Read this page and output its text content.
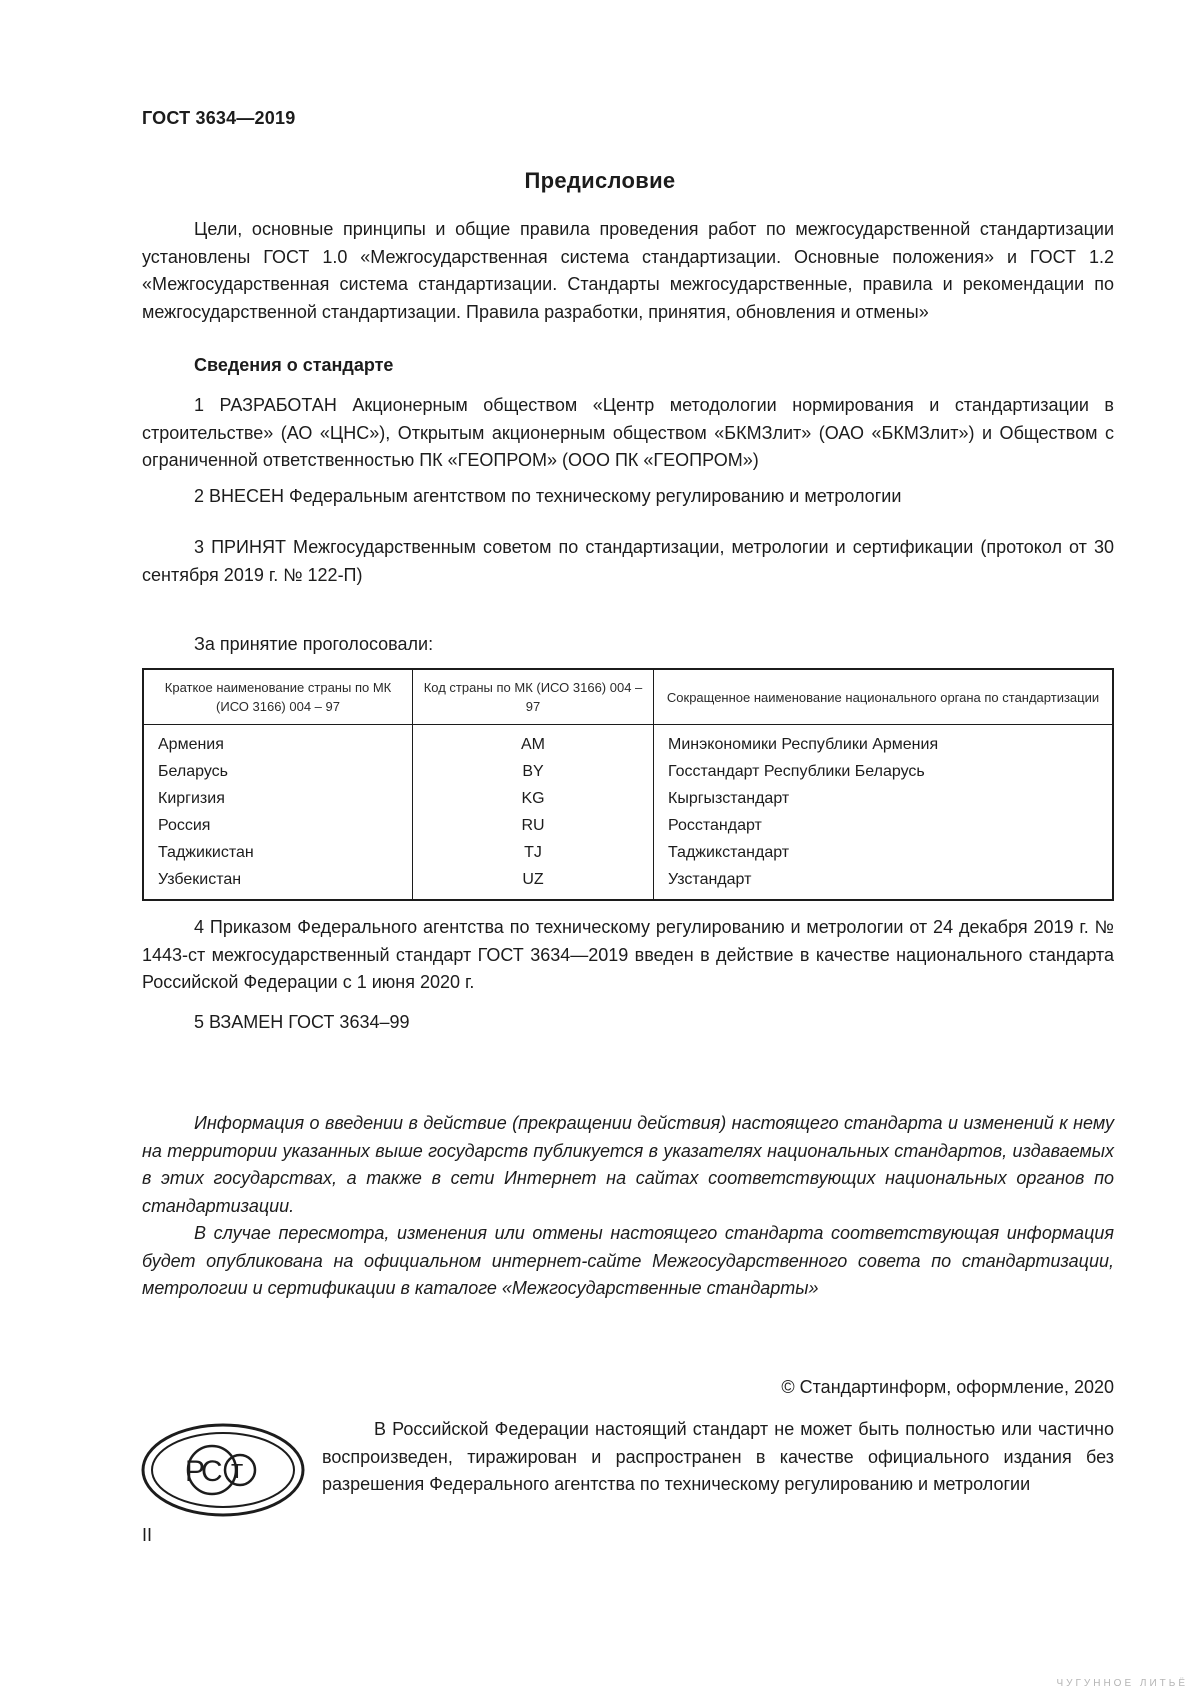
ГОСТ 3634—2019
Предисловие

Цели, основные принципы и общие правила проведения работ по межгосударственной стандартизации установлены ГОСТ 1.0 «Межгосударственная система стандартизации. Основные положения» и ГОСТ 1.2 «Межгосударственная система стандартизации. Стандарты межгосударственные, правила и рекомендации по межгосударственной стандартизации. Правила разработки, принятия, обновления и отмены»

Сведения о стандарте

1 РАЗРАБОТАН Акционерным обществом «Центр методологии нормирования и стандартизации в строительстве» (АО «ЦНС»), Открытым акционерным обществом «БКМЗлит» (ОАО «БКМЗлит») и Обществом с ограниченной ответственностью ПК «ГЕОПРОМ» (ООО ПК «ГЕОПРОМ»)

2 ВНЕСЕН Федеральным агентством по техническому регулированию и метрологии

3 ПРИНЯТ Межгосударственным советом по стандартизации, метрологии и сертификации (протокол от 30 сентября 2019 г. № 122-П)

За принятие проголосовали:
Краткое наименование страны по МК (ИСО 3166) 004 – 97	Код страны по МК (ИСО 3166) 004 – 97	Сокращенное наименование национального органа по стандартизации
Армения	AM	Минэкономики Республики Армения
Беларусь	BY	Госстандарт Республики Беларусь
Киргизия	KG	Кыргызстандарт
Россия	RU	Росстандарт
Таджикистан	TJ	Таджикстандарт
Узбекистан	UZ	Узстандарт

4 Приказом Федерального агентства по техническому регулированию и метрологии от 24 декабря 2019 г. № 1443-ст межгосударственный стандарт ГОСТ 3634—2019 введен в действие в качестве национального стандарта Российской Федерации с 1 июня 2020 г.

5 ВЗАМЕН ГОСТ 3634–99

Информация о введении в действие (прекращении действия) настоящего стандарта и изменений к нему на территории указанных выше государств публикуется в указателях национальных стандартов, издаваемых в этих государствах, а также в сети Интернет на сайтах соответствующих национальных органов по стандартизации.

В случае пересмотра, изменения или отмены настоящего стандарта соответствующая информация будет опубликована на официальном интернет-сайте Межгосударственного совета по стандартизации, метрологии и сертификации в каталоге «Межгосударственные стандарты»

© Стандартинформ, оформление, 2020
Р
С Т

В Российской Федерации настоящий стандарт не может быть полностью или частично воспроизведен, тиражирован и распространен в качестве официального издания без разрешения Федерального агентства по техническому регулированию и метрологии

II
ЧУГУННОЕ ЛИТЬЁ
